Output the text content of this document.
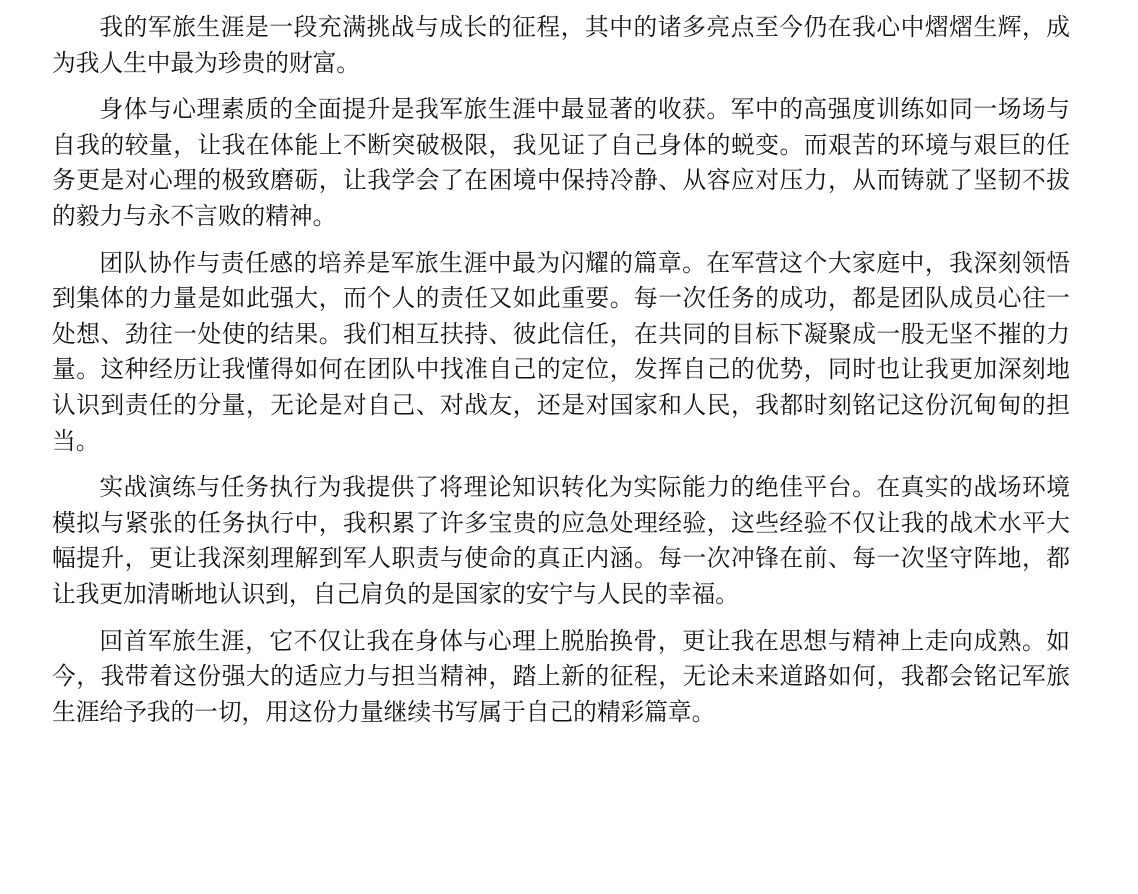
我的军旅生涯是一段充满挑战与成长的征程，其中的诸多亮点至今仍在我心中熠熠生辉，成为我人生中最为珍贵的财富。

身体与心理素质的全面提升是我军旅生涯中最显著的收获。军中的高强度训练如同一场场与自我的较量，让我在体能上不断突破极限，我见证了自己身体的蜕变。而艰苦的环境与艰巨的任务更是对心理的极致磨砺，让我学会了在困境中保持冷静、从容应对压力，从而铸就了坚韧不拔的毅力与永不言败的精神。

团队协作与责任感的培养是军旅生涯中最为闪耀的篇章。在军营这个大家庭中，我深刻领悟到集体的力量是如此强大，而个人的责任又如此重要。每一次任务的成功，都是团队成员心往一处想、劲往一处使的结果。我们相互扶持、彼此信任，在共同的目标下凝聚成一股无坚不摧的力量。这种经历让我懂得如何在团队中找准自己的定位，发挥自己的优势，同时也让我更加深刻地认识到责任的分量，无论是对自己、对战友，还是对国家和人民，我都时刻铭记这份沉甸甸的担当。

实战演练与任务执行为我提供了将理论知识转化为实际能力的绝佳平台。在真实的战场环境模拟与紧张的任务执行中，我积累了许多宝贵的应急处理经验，这些经验不仅让我的战术水平大幅提升，更让我深刻理解到军人职责与使命的真正内涵。每一次冲锋在前、每一次坚守阵地，都让我更加清晰地认识到，自己肩负的是国家的安宁与人民的幸福。

回首军旅生涯，它不仅让我在身体与心理上脱胎换骨，更让我在思想与精神上走向成熟。如今，我带着这份强大的适应力与担当精神，踏上新的征程，无论未来道路如何，我都会铭记军旅生涯给予我的一切，用这份力量继续书写属于自己的精彩篇章。
